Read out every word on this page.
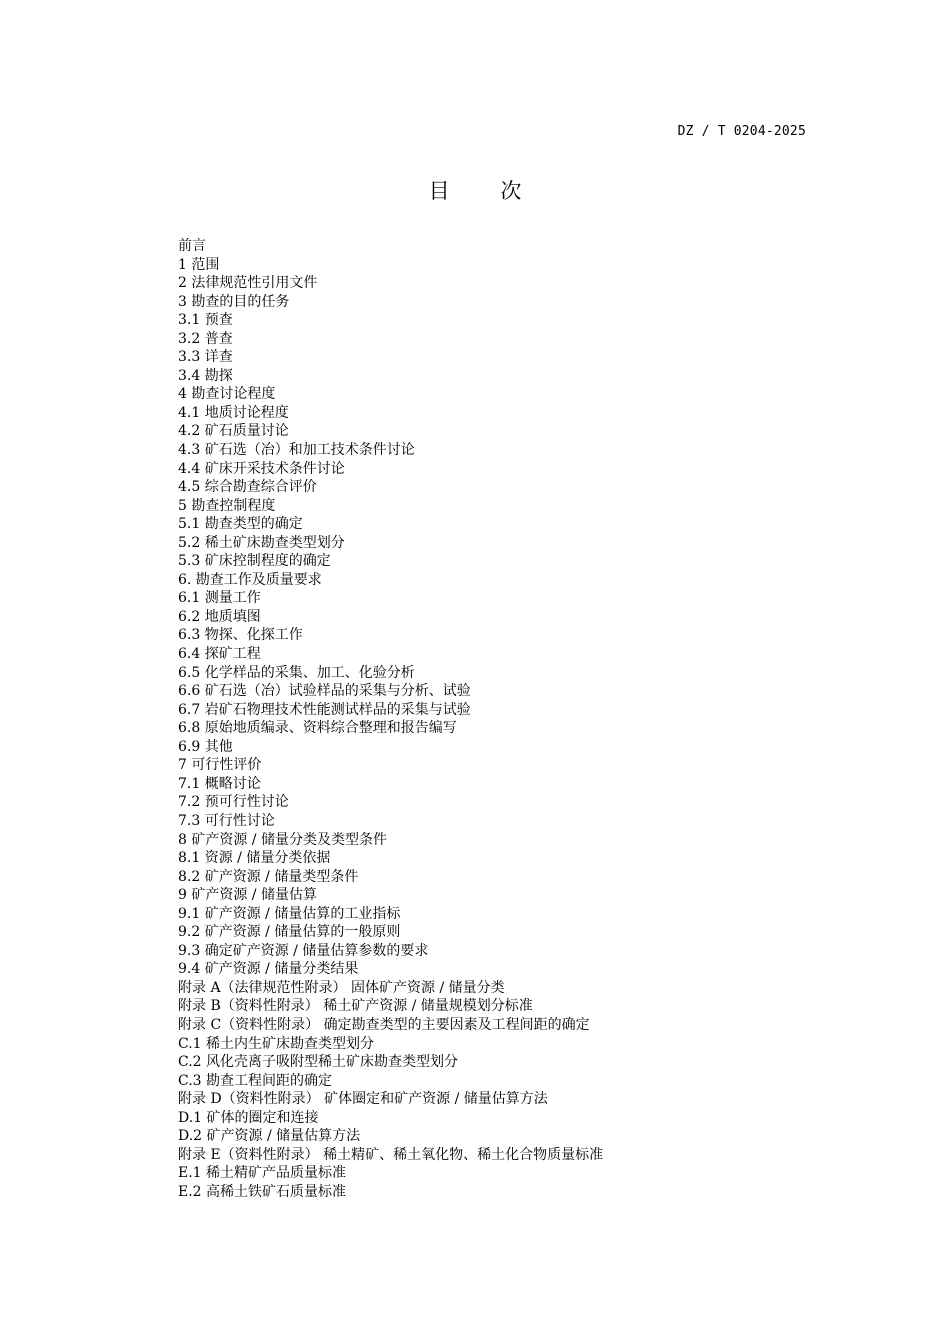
DZ / T 0204-2025
目 次
前言
1 范围
2 法律规范性引用文件
3 勘查的目的任务
3.1 预查
3.2 普查
3.3 详查
3.4 勘探
4 勘查讨论程度
4.1 地质讨论程度
4.2 矿石质量讨论
4.3 矿石选（冶）和加工技术条件讨论
4.4 矿床开采技术条件讨论
4.5 综合勘查综合评价
5 勘查控制程度
5.1 勘查类型的确定
5.2 稀土矿床勘查类型划分
5.3 矿床控制程度的确定
6. 勘查工作及质量要求
6.1 测量工作
6.2 地质填图
6.3 物探、化探工作
6.4 探矿工程
6.5 化学样品的采集、加工、化验分析
6.6 矿石选（冶）试验样品的采集与分析、试验
6.7 岩矿石物理技术性能测试样品的采集与试验
6.8 原始地质编录、资料综合整理和报告编写
6.9 其他
7 可行性评价
7.1 概略讨论
7.2 预可行性讨论
7.3 可行性讨论
8 矿产资源 / 储量分类及类型条件
8.1 资源 / 储量分类依据
8.2 矿产资源 / 储量类型条件
9 矿产资源 / 储量估算
9.1 矿产资源 / 储量估算的工业指标
9.2 矿产资源 / 储量估算的一般原则
9.3 确定矿产资源 / 储量估算参数的要求
9.4 矿产资源 / 储量分类结果
附录 A（法律规范性附录） 固体矿产资源 / 储量分类
附录 B（资料性附录） 稀土矿产资源 / 储量规模划分标准
附录 C（资料性附录） 确定勘查类型的主要因素及工程间距的确定
C.1 稀土内生矿床勘查类型划分
C.2 风化壳离子吸附型稀土矿床勘查类型划分
C.3 勘查工程间距的确定
附录 D（资料性附录） 矿体圈定和矿产资源 / 储量估算方法
D.1 矿体的圈定和连接
D.2 矿产资源 / 储量估算方法
附录 E（资料性附录） 稀土精矿、稀土氧化物、稀土化合物质量标准
E.1 稀土精矿产品质量标准
E.2 高稀土铁矿石质量标准
